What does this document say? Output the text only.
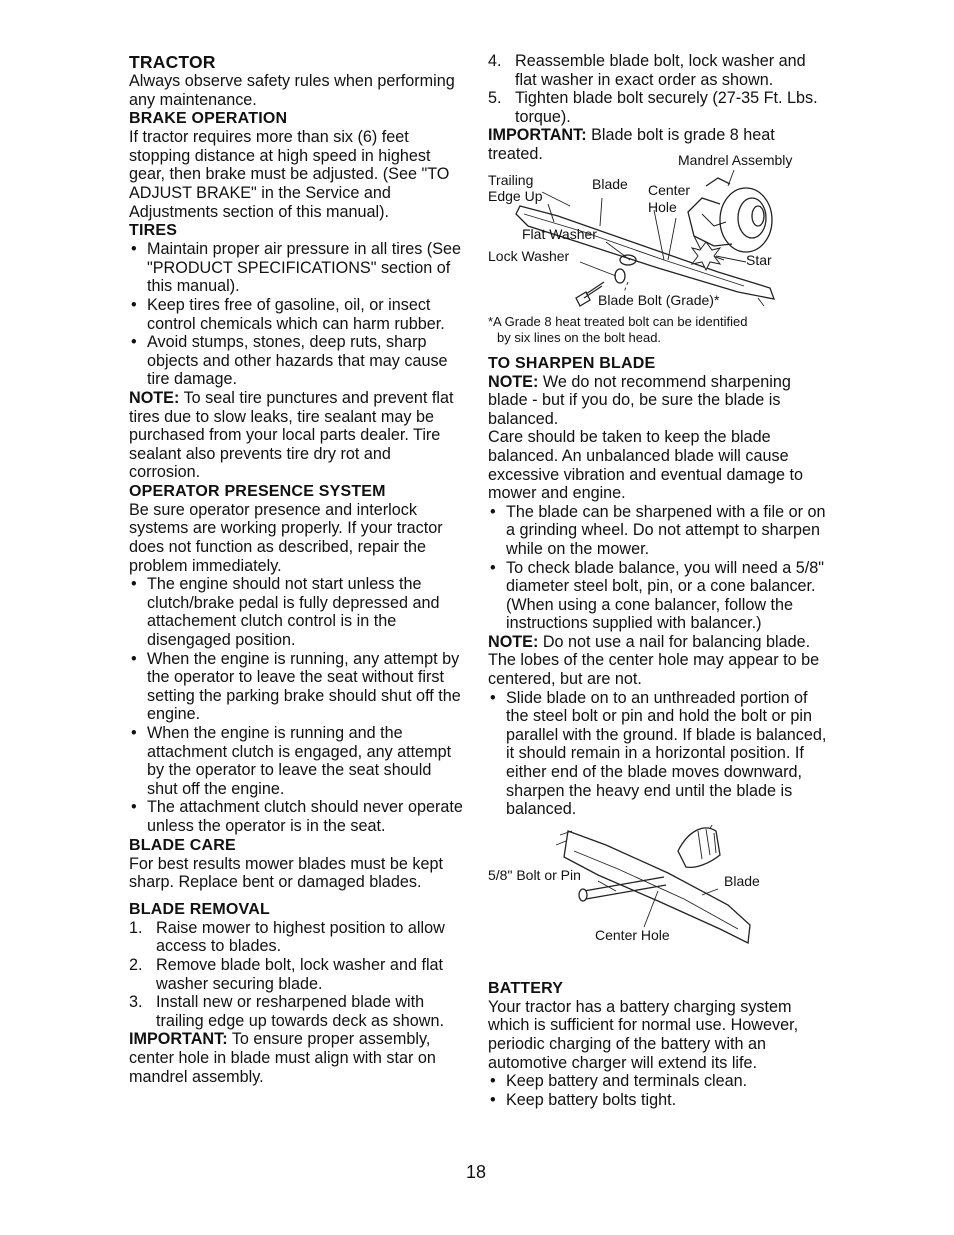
TRACTOR

Always observe safety rules when performing any maintenance.

BRAKE OPERATION

If tractor requires more than six (6) feet stopping distance at high speed in highest gear, then brake must be adjusted. (See "TO ADJUST BRAKE" in the Service and Adjustments section of this manual).

TIRES
• Maintain proper air pressure in all tires (See "PRODUCT SPECIFICATIONS" section of this manual).
• Keep tires free of gasoline, oil, or insect control chemicals which can harm rubber.
• Avoid stumps, stones, deep ruts, sharp objects and other hazards that may cause tire damage.

NOTE: To seal tire punctures and prevent flat tires due to slow leaks, tire sealant may be purchased from your local parts dealer. Tire sealant also prevents tire dry rot and corrosion.

OPERATOR PRESENCE SYSTEM

Be sure operator presence and interlock systems are working properly. If your tractor does not function as described, repair the problem immediately.

• The engine should not start unless the clutch/brake pedal is fully depressed and attachement clutch control is in the disengaged position.
• When the engine is running, any attempt by the operator to leave the seat without first setting the parking brake should shut off the engine.
• When the engine is running and the attachment clutch is engaged, any attempt by the operator to leave the seat should shut off the engine.
• The attachment clutch should never operate unless the operator is in the seat.
BLADE CARE

For best results mower blades must be kept sharp. Replace bent or damaged blades.

BLADE REMOVAL
1. Raise mower to highest position to allow access to blades.
2. Remove blade bolt, lock washer and flat washer securing blade.
3. Install new or resharpened blade with trailing edge up towards deck as shown.

IMPORTANT: To ensure proper assembly, center hole in blade must align with star on mandrel assembly.

4. Reassemble blade bolt, lock washer and flat washer in exact order as shown.
5. Tighten blade bolt securely (27-35 Ft. Lbs. torque).

IMPORTANT: Blade bolt is grade 8 heat treated.	Mandrel Assembly
Trailing
Edge Up
Blade Center
Hole
Flat Washer
Lock Washer	Star
Blade Bolt (Grade)*

*A Grade 8 heat treated bolt can be identified

by six lines on the bolt head.

TO SHARPEN BLADE

NOTE: We do not recommend sharpening blade - but if you do, be sure the blade is balanced.

Care should be taken to keep the blade balanced. An unbalanced blade will cause excessive vibration and eventual damage to mower and engine.

• The blade can be sharpened with a file or on a grinding wheel. Do not attempt to sharpen while on the mower.
• To check blade balance, you will need a 5/8" diameter steel bolt, pin, or a cone balancer. (When using a cone balancer, follow the instructions supplied with balancer.)

NOTE: Do not use a nail for balancing blade. The lobes of the center hole may appear to be centered, but are not.

• Slide blade on to an unthreaded portion of the steel bolt or pin and hold the bolt or pin parallel with the ground. If blade is balanced, it should remain in a horizontal position. If either end of the blade moves downward, sharpen the heavy end until the blade is balanced.
5/8" Bolt or Pin	Blade
Center Hole
BATTERY

Your tractor has a battery charging system which is sufficient for normal use. However, periodic charging of the battery with an automotive charger will extend its life.

• Keep battery and terminals clean.
• Keep battery bolts tight.
18
